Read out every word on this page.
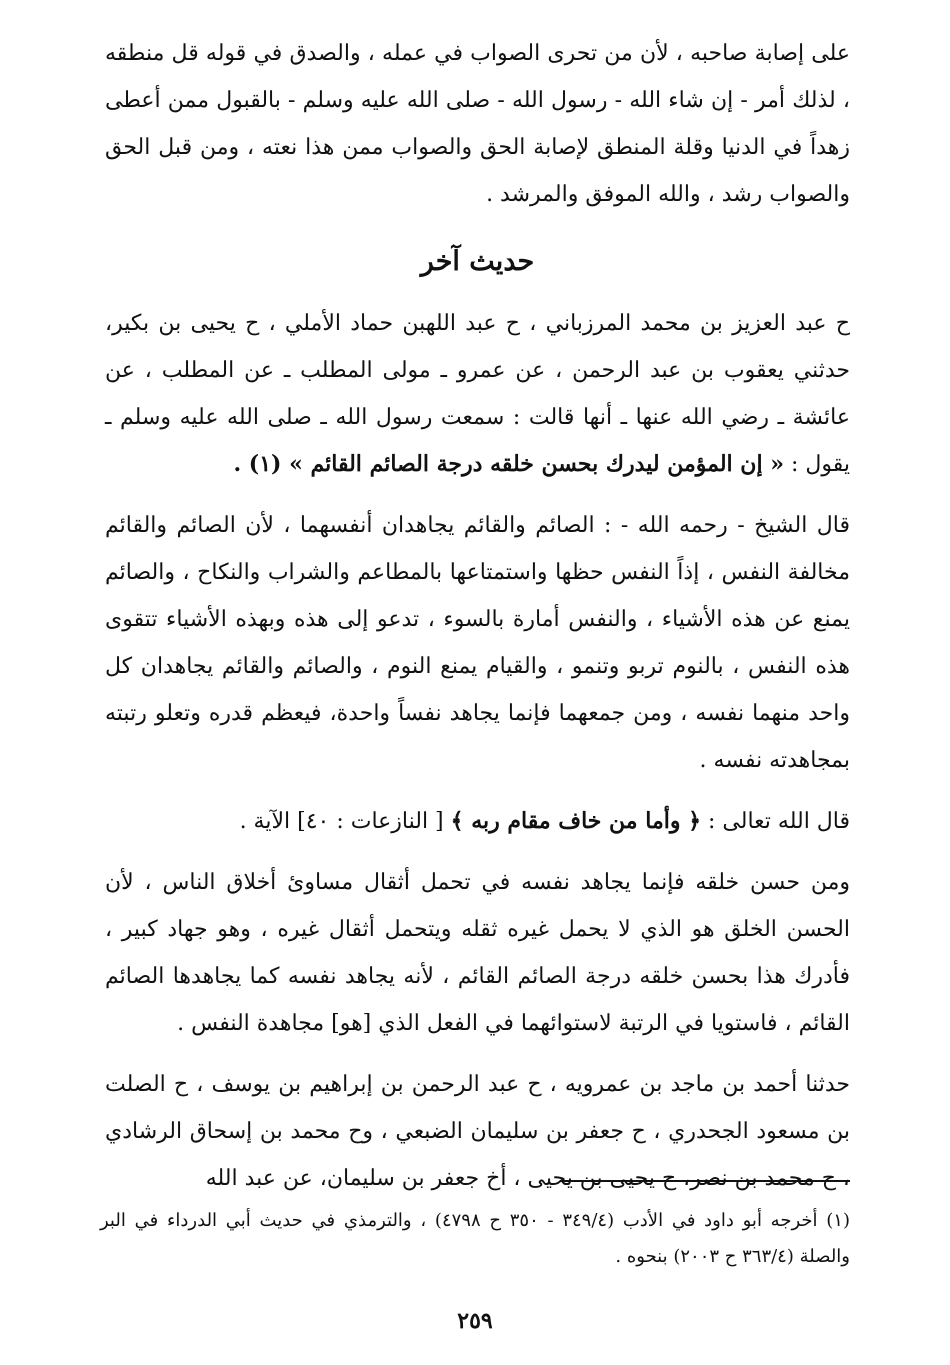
على إصابة صاحبه ، لأن من تحرى الصواب في عمله ، والصدق في قوله قل منطقه ، لذلك أمر - إن شاء الله - رسول الله - صلى الله عليه وسلم - بالقبول ممن أعطى زهداً في الدنيا وقلة المنطق لإصابة الحق والصواب ممن هذا نعته ، ومن قبل الحق والصواب رشد ، والله الموفق والمرشد .

حديث آخر

ح عبد العزيز بن محمد المرزباني ، ح عبد اللهبن حماد الأملي ، ح يحيى بن بكير، حدثني يعقوب بن عبد الرحمن ، عن عمرو ـ مولى المطلب ـ عن المطلب ، عن عائشة ـ رضي الله عنها ـ أنها قالت : سمعت رسول الله ـ صلى الله عليه وسلم ـ يقول : « إن المؤمن ليدرك بحسن خلقه درجة الصائم القائم » (١) .

قال الشيخ - رحمه الله - : الصائم والقائم يجاهدان أنفسهما ، لأن الصائم والقائم مخالفة النفس ، إذاً النفس حظها واستمتاعها بالمطاعم والشراب والنكاح ، والصائم يمنع عن هذه الأشياء ، والنفس أمارة بالسوء ، تدعو إلى هذه وبهذه الأشياء تتقوى هذه النفس ، بالنوم تربو وتنمو ، والقيام يمنع النوم ، والصائم والقائم يجاهدان كل واحد منهما نفسه ، ومن جمعهما فإنما يجاهد نفساً واحدة، فيعظم قدره وتعلو رتبته بمجاهدته نفسه .

قال الله تعالى : ﴿ وأما من خاف مقام ربه ﴾ [ النازعات : ٤٠] الآية .

ومن حسن خلقه فإنما يجاهد نفسه في تحمل أثقال مساوئ أخلاق الناس ، لأن الحسن الخلق هو الذي لا يحمل غيره ثقله ويتحمل أثقال غيره ، وهو جهاد كبير ، فأدرك هذا بحسن خلقه درجة الصائم القائم ، لأنه يجاهد نفسه كما يجاهدها الصائم القائم ، فاستويا في الرتبة لاستوائهما في الفعل الذي [هو] مجاهدة النفس .

حدثنا أحمد بن ماجد بن عمرويه ، ح عبد الرحمن بن إبراهيم بن يوسف ، ح الصلت بن مسعود الجحدري ، ح جعفر بن سليمان الضبعي ، وح محمد بن إسحاق الرشادي ، ح محمد بن نصر، ح يحيى بن يحيى ، أخ جعفر بن سليمان، عن عبد الله

(١) أخرجه أبو داود في الأدب (٣٤٩/٤ - ٣٥٠ ح ٤٧٩٨) ، والترمذي في حديث أبي الدرداء في البر والصلة (٣٦٣/٤ ح ٢٠٠٣) بنحوه .
٢٥٩
